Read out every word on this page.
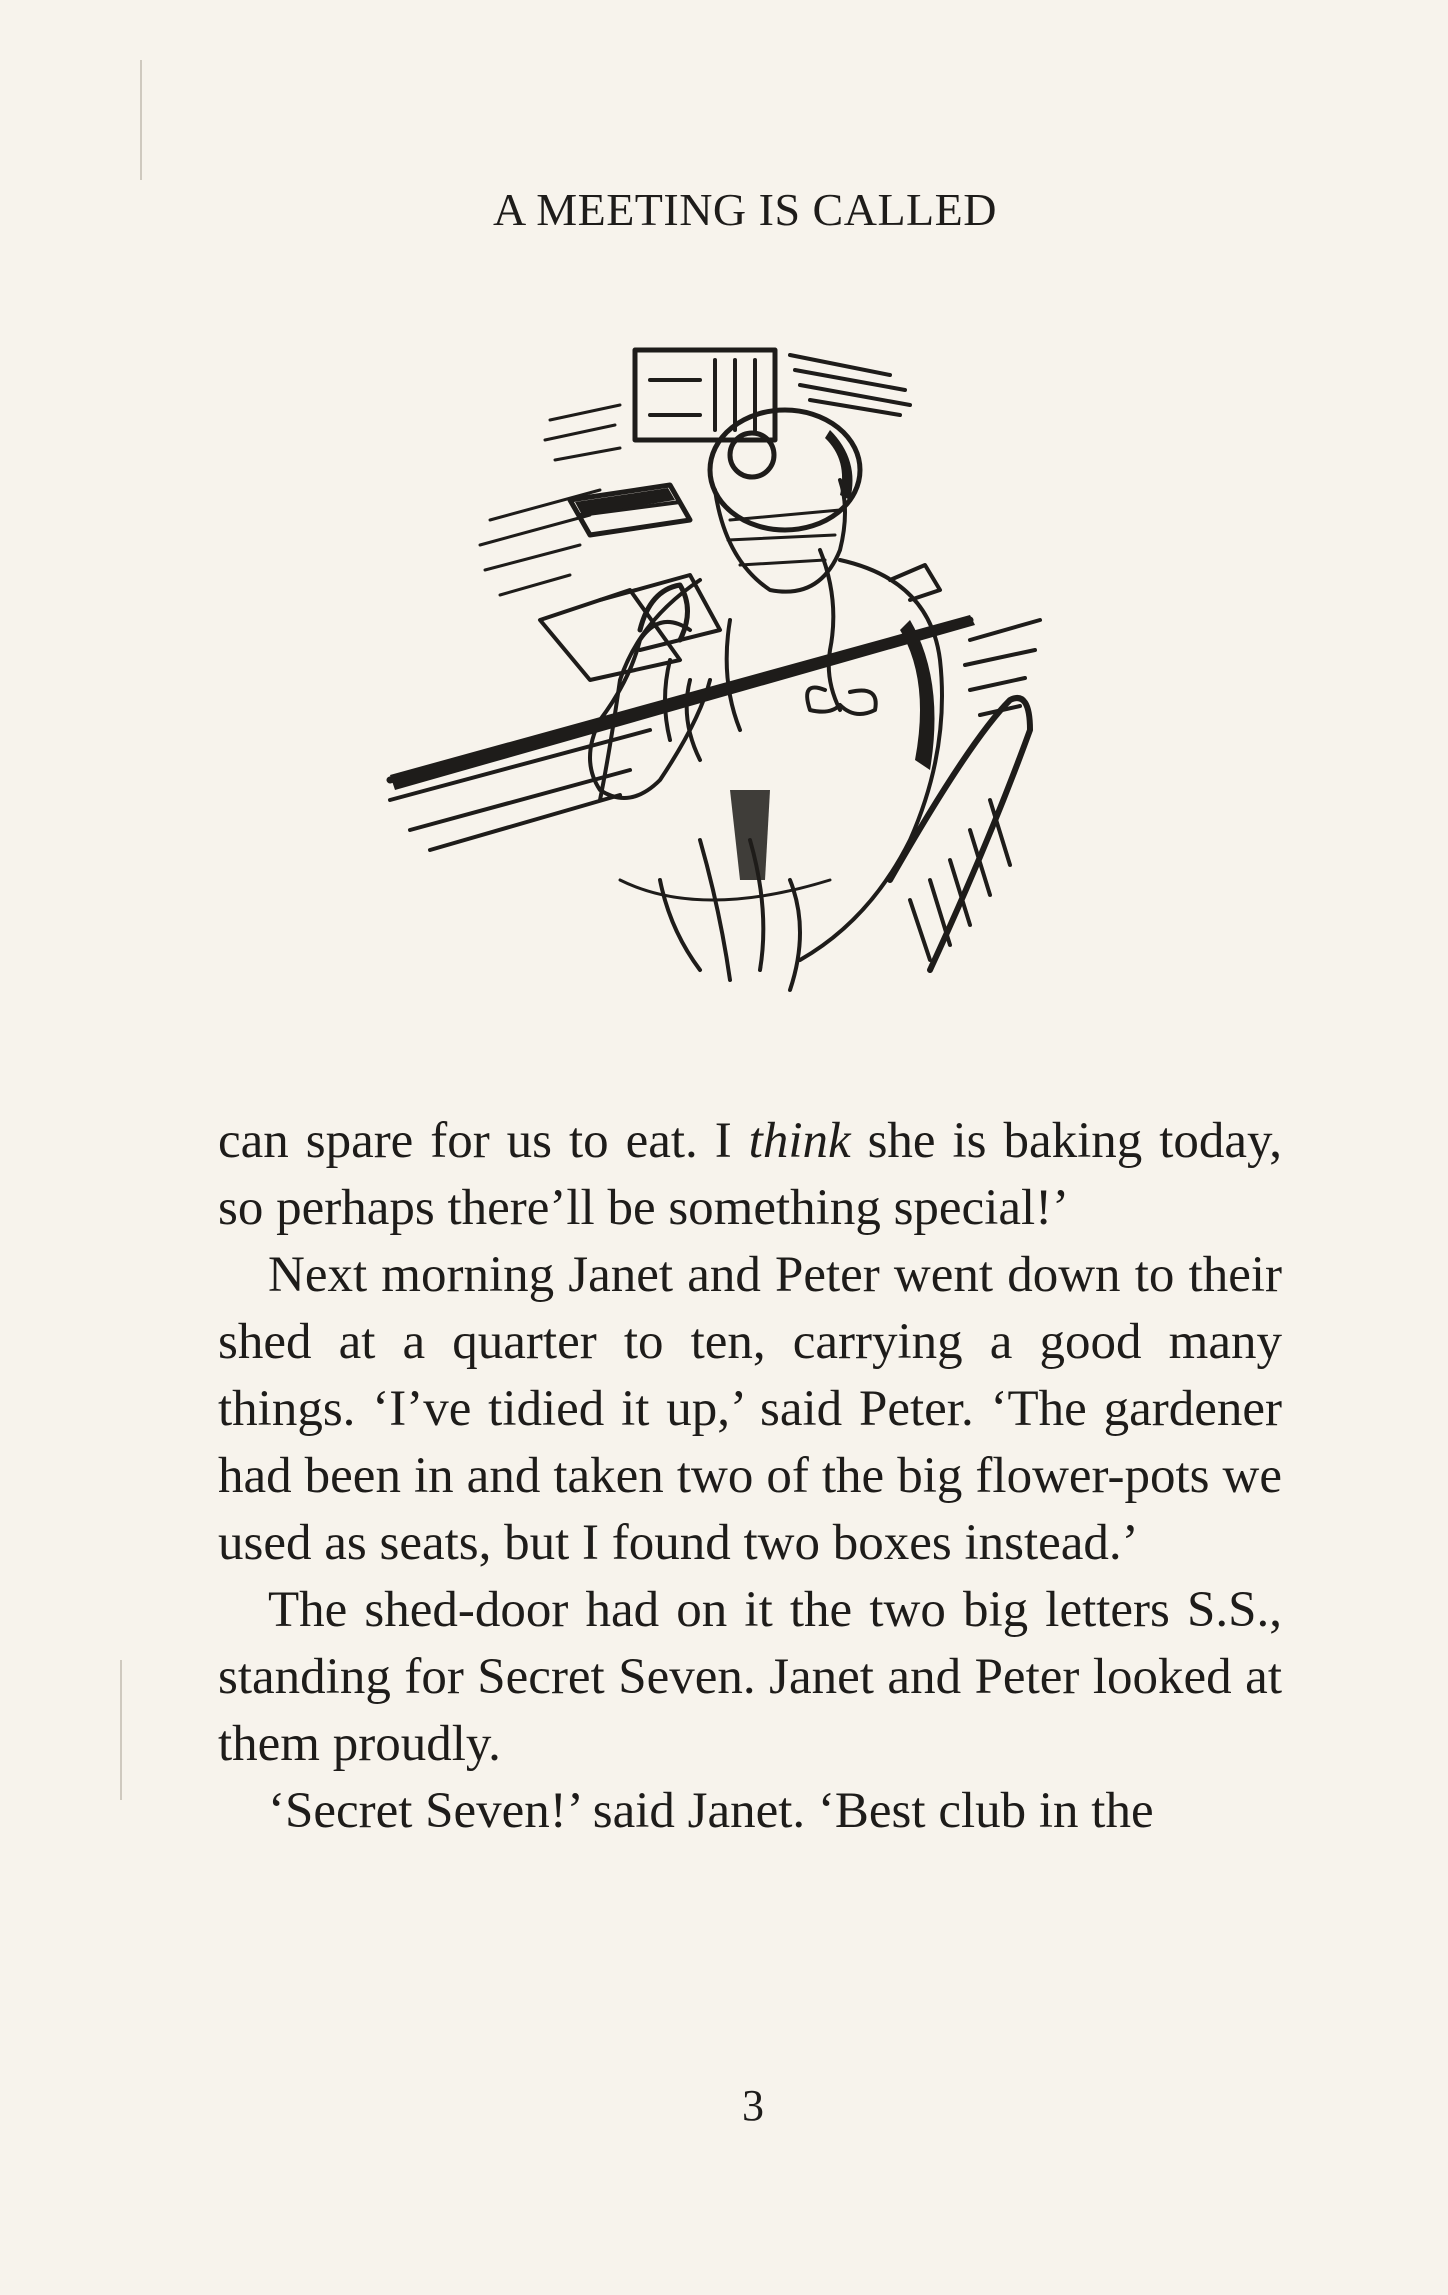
A MEETING IS CALLED

can spare for us to eat. I think she is baking today, so perhaps there’ll be something special!’

Next morning Janet and Peter went down to their shed at a quarter to ten, carrying a good many things. ‘I’ve tidied it up,’ said Peter. ‘The gardener had been in and taken two of the big flower-pots we used as seats, but I found two boxes instead.’

The shed-door had on it the two big letters S.S., standing for Secret Seven. Janet and Peter looked at them proudly.

‘Secret Seven!’ said Janet. ‘Best club in the

3
